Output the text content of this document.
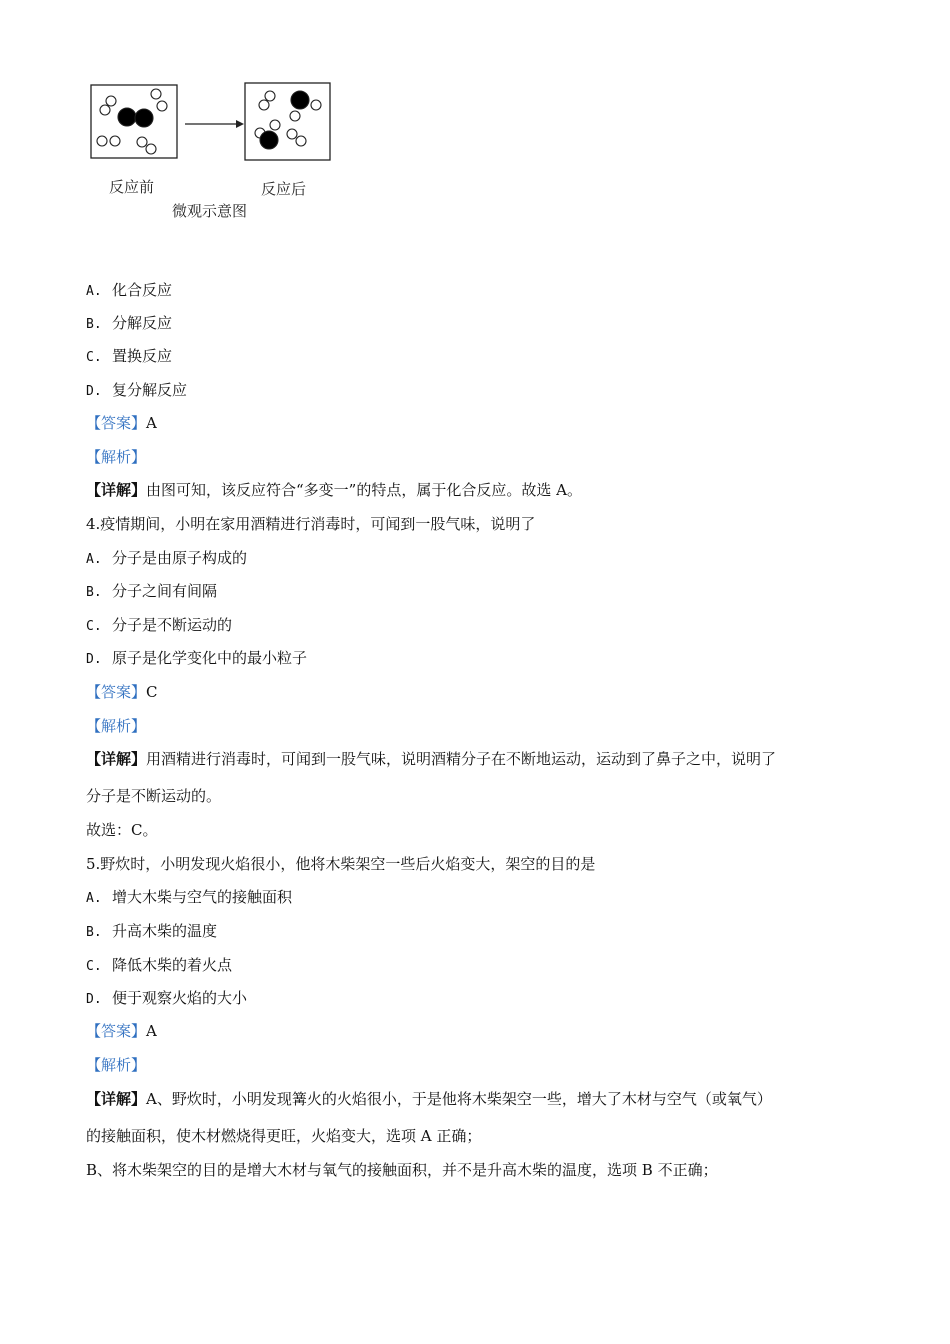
反应前	反应后
微观示意图
A. 化合反应
B. 分解反应
C. 置换反应
D. 复分解反应
【答案】A
【解析】
【详解】由图可知，该反应符合“多变一”的特点，属于化合反应。故选 A。
4.疫情期间，小明在家用酒精进行消毒时，可闻到一股气味，说明了
A. 分子是由原子构成的
B. 分子之间有间隔
C. 分子是不断运动的
D. 原子是化学变化中的最小粒子
【答案】C
【解析】
【详解】用酒精进行消毒时，可闻到一股气味，说明酒精分子在不断地运动，运动到了鼻子之中，说明了
分子是不断运动的。
故选：C。
5.野炊时，小明发现火焰很小，他将木柴架空一些后火焰变大，架空的目的是
A. 增大木柴与空气的接触面积
B. 升高木柴的温度
C. 降低木柴的着火点
D. 便于观察火焰的大小
【答案】A
【解析】
【详解】A、野炊时，小明发现篝火的火焰很小，于是他将木柴架空一些，增大了木材与空气（或氧气）
的接触面积，使木材燃烧得更旺，火焰变大，选项 A 正确；
B、将木柴架空的目的是增大木材与氧气的接触面积，并不是升高木柴的温度，选项 B 不正确；
